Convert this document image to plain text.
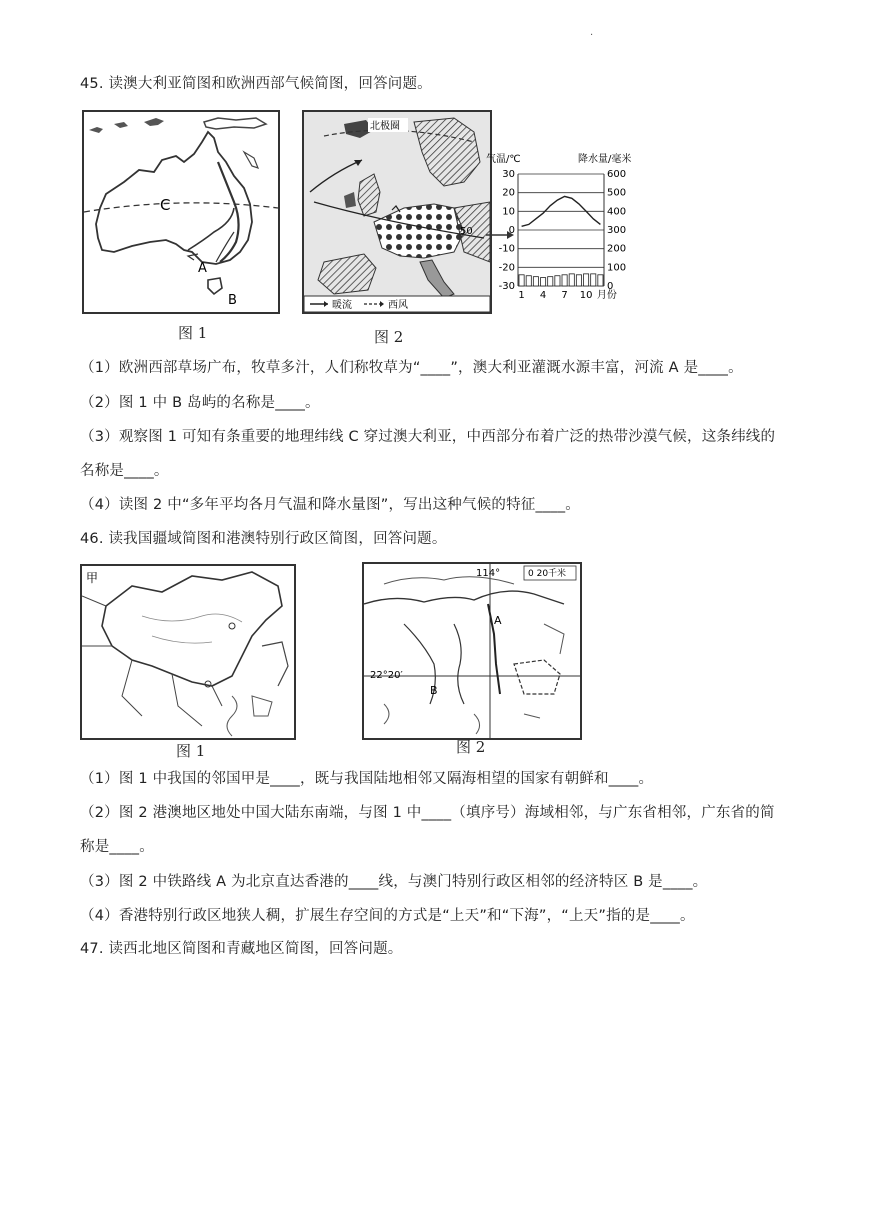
·
45. 读澳大利亚简图和欧洲西部气候简图，回答问题。
C
A
B
北极圈
50
暖流	西风
气温/℃	降水量/毫米
30	600
20	500
10	400
0	300
-10	200
-20	100
-30	0
1 4 7 10 月份
图 1	图 2
（1）欧洲西部草场广布，牧草多汁，人们称牧草为“____”，澳大利亚灌溉水源丰富，河流 A 是____。
（2）图 1 中 B 岛屿的名称是____。
（3）观察图 1 可知有条重要的地理纬线 C 穿过澳大利亚，中西部分布着广泛的热带沙漠气候，这条纬线的
名称是____。
（4）读图 2 中“多年平均各月气温和降水量图”，写出这种气候的特征____。
46. 读我国疆域简图和港澳特别行政区简图，回答问题。
甲	114°	0 20千米
22°20′
A
B
图 1	图 2
（1）图 1 中我国的邻国甲是____，既与我国陆地相邻又隔海相望的国家有朝鲜和____。
（2）图 2 港澳地区地处中国大陆东南端，与图 1 中____（填序号）海域相邻，与广东省相邻，广东省的简
称是____。
（3）图 2 中铁路线 A 为北京直达香港的____线，与澳门特别行政区相邻的经济特区 B 是____。
（4）香港特别行政区地狭人稠，扩展生存空间的方式是“上天”和“下海”，“上天”指的是____。
47. 读西北地区简图和青藏地区简图，回答问题。
